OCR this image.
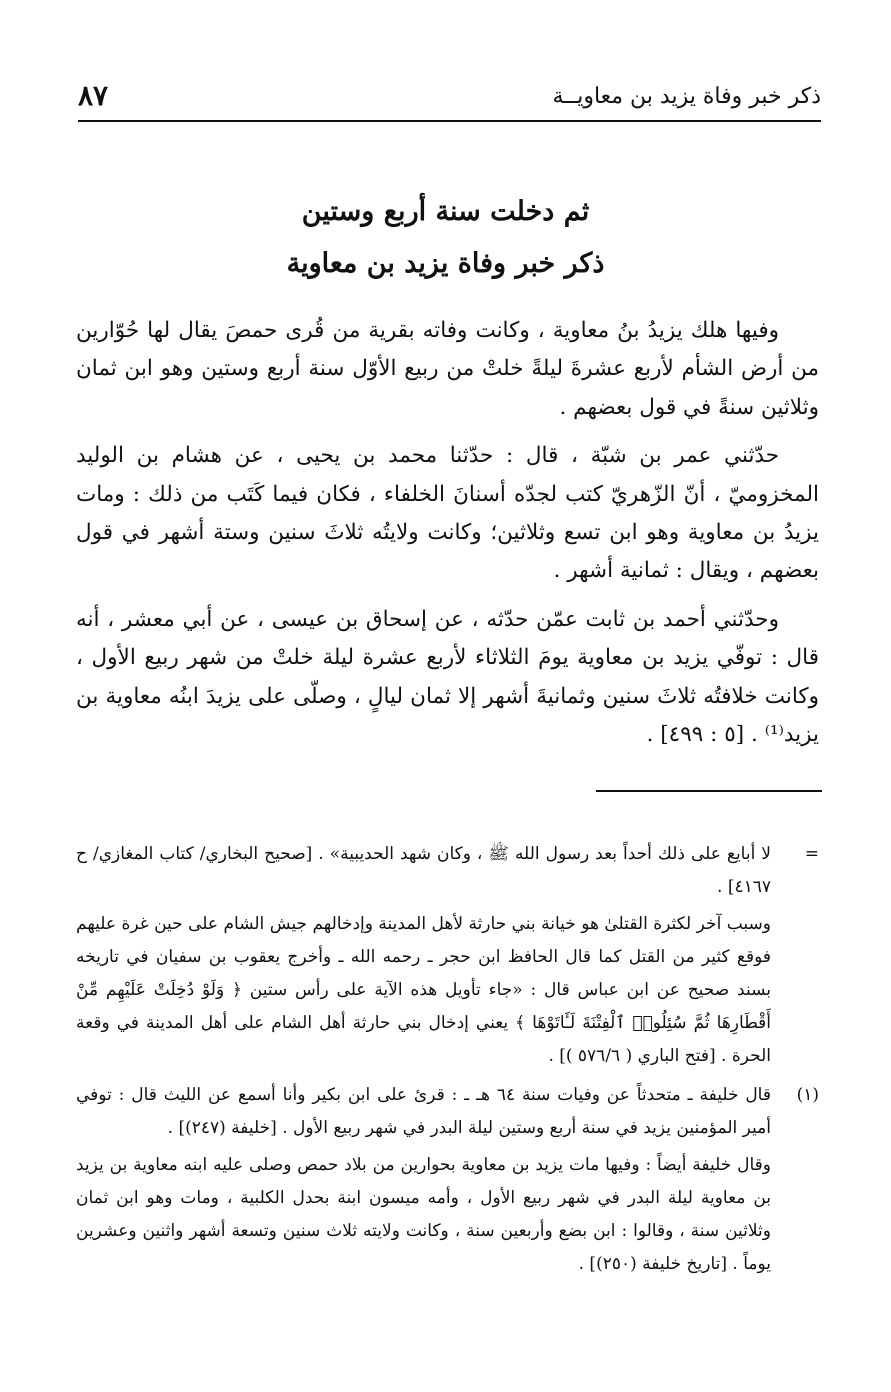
ذكر خبر وفاة يزيد بن معاويــة
٨٧
ثم دخلت سنة أربع وستين
ذكر خبر وفاة يزيد بن معاوية

وفيها هلك يزيدُ بنُ معاوية ، وكانت وفاته بقرية من قُرى حمصَ يقال لها حُوّارين من أرض الشأم لأربع عشرةَ ليلةً خلتْ من ربيع الأوّل سنة أربع وستين وهو ابن ثمان وثلاثين سنةً في قول بعضهم .

حدّثني عمر بن شبّة ، قال : حدّثنا محمد بن يحيى ، عن هشام بن الوليد المخزوميّ ، أنّ الزّهريّ كتب لجدّه أسنانَ الخلفاء ، فكان فيما كَتَب من ذلك : ومات يزيدُ بن معاوية وهو ابن تسع وثلاثين؛ وكانت ولايتُه ثلاثَ سنين وستة أشهر في قول بعضهم ، ويقال : ثمانية أشهر .

وحدّثني أحمد بن ثابت عمّن حدّثه ، عن إسحاق بن عيسى ، عن أبي معشر ، أنه قال : توفّي يزيد بن معاوية يومَ الثلاثاء لأربع عشرة ليلة خلتْ من شهر ربيع الأول ، وكانت خلافتُه ثلاثَ سنين وثمانيةَ أشهر إلا ثمان ليالٍ ، وصلّى على يزيدَ ابنُه معاوية بن يزيد⁽¹⁾ . [٥ : ٤٩٩] .

=

لا أبايع على ذلك أحداً بعد رسول الله ﷺ ، وكان شهد الحديبية» . [صحيح البخاري/ كتاب المغازي/ ح ٤١٦٧] .

وسبب آخر لكثرة القتلىٰ هو خيانة بني حارثة لأهل المدينة وإدخالهم جيش الشام على حين غرة عليهم فوقع كثير من القتل كما قال الحافظ ابن حجر ـ رحمه الله ـ وأخرج يعقوب بن سفيان في تاريخه بسند صحيح عن ابن عباس قال : «جاء تأويل هذه الآية على رأس ستين ﴿ وَلَوْ دُخِلَتْ عَلَيْهِم مِّنْ أَقْطَارِهَا ثُمَّ سُئِلُوا۟ ٱلْفِتْنَةَ لَـَٔاتَوْهَا ﴾ يعني إدخال بني حارثة أهل الشام على أهل المدينة في وقعة الحرة . [فتح الباري ( ٥٧٦/٦ )] .

(١)

قال خليفة ـ متحدثاً عن وفيات سنة ٦٤ هـ ـ : قرئ على ابن بكير وأنا أسمع عن الليث قال : توفي أمير المؤمنين يزيد في سنة أربع وستين ليلة البدر في شهر ربيع الأول . [خليفة (٢٤٧)] .

وقال خليفة أيضاً : وفيها مات يزيد بن معاوية بحوارين من بلاد حمص وصلى عليه ابنه معاوية بن يزيد بن معاوية ليلة البدر في شهر ربيع الأول ، وأمه ميسون ابنة بحدل الكلبية ، ومات وهو ابن ثمان وثلاثين سنة ، وقالوا : ابن بضع وأربعين سنة ، وكانت ولايته ثلاث سنين وتسعة أشهر واثنين وعشرين يوماً . [تاريخ خليفة (٢٥٠)] .
